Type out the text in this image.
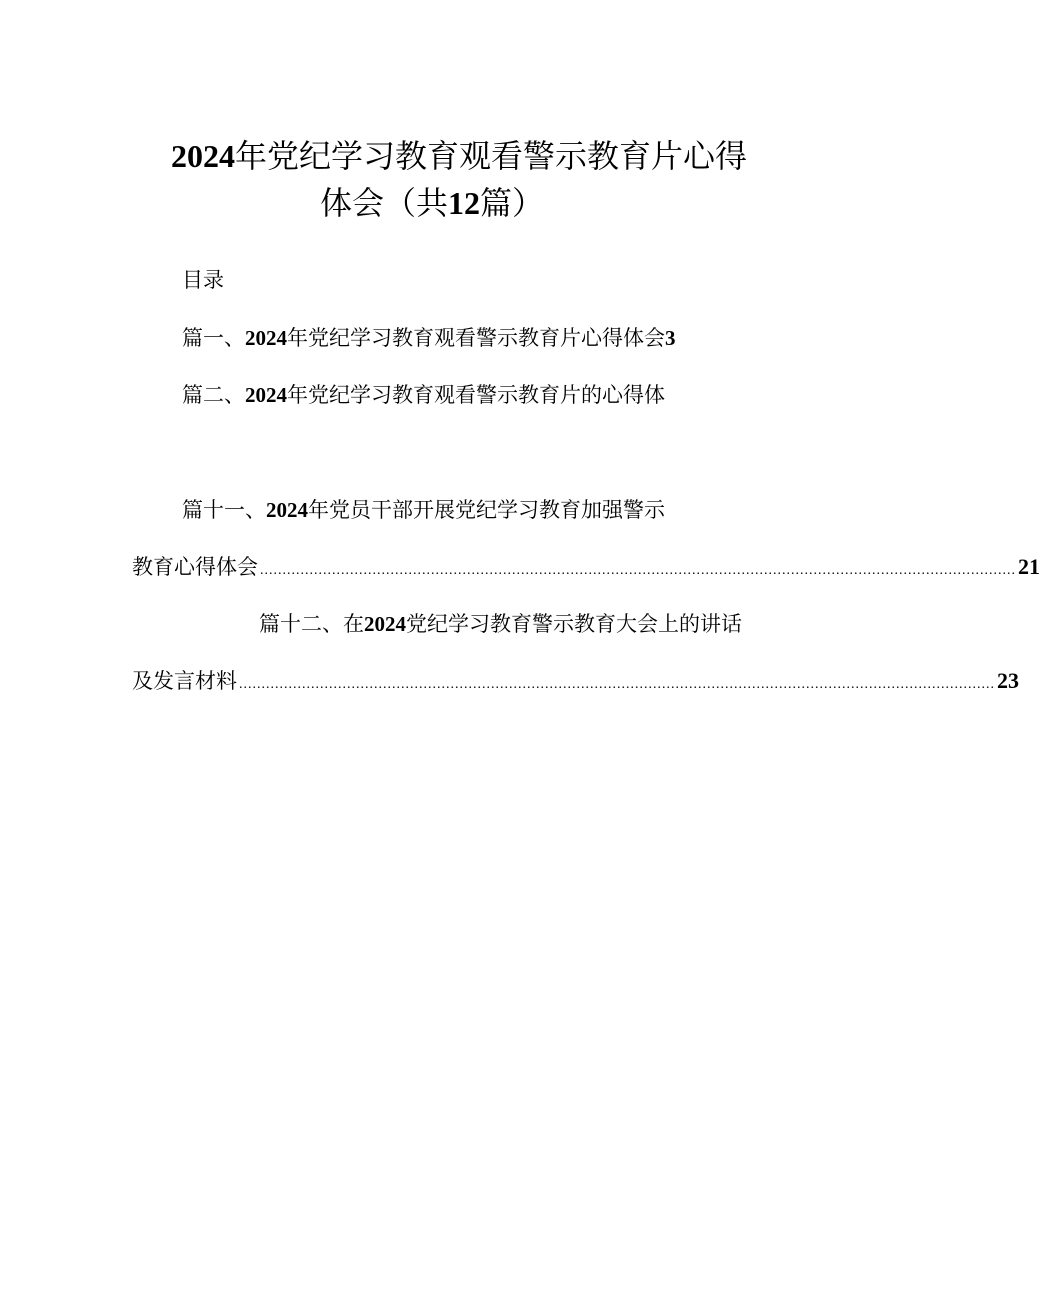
2024年党纪学习教育观看警示教育片心得
体会（共12篇）
目录
篇一、2024年党纪学习教育观看警示教育片心得体会3
篇二、2024年党纪学习教育观看警示教育片的心得体
篇十一、2024年党员干部开展党纪学习教育加强警示
教育心得体会 ........................................................................................................................................................................ 21
篇十二、在2024党纪学习教育警示教育大会上的讲话
及发言材料 ........................................................................................................................................................................ 23
